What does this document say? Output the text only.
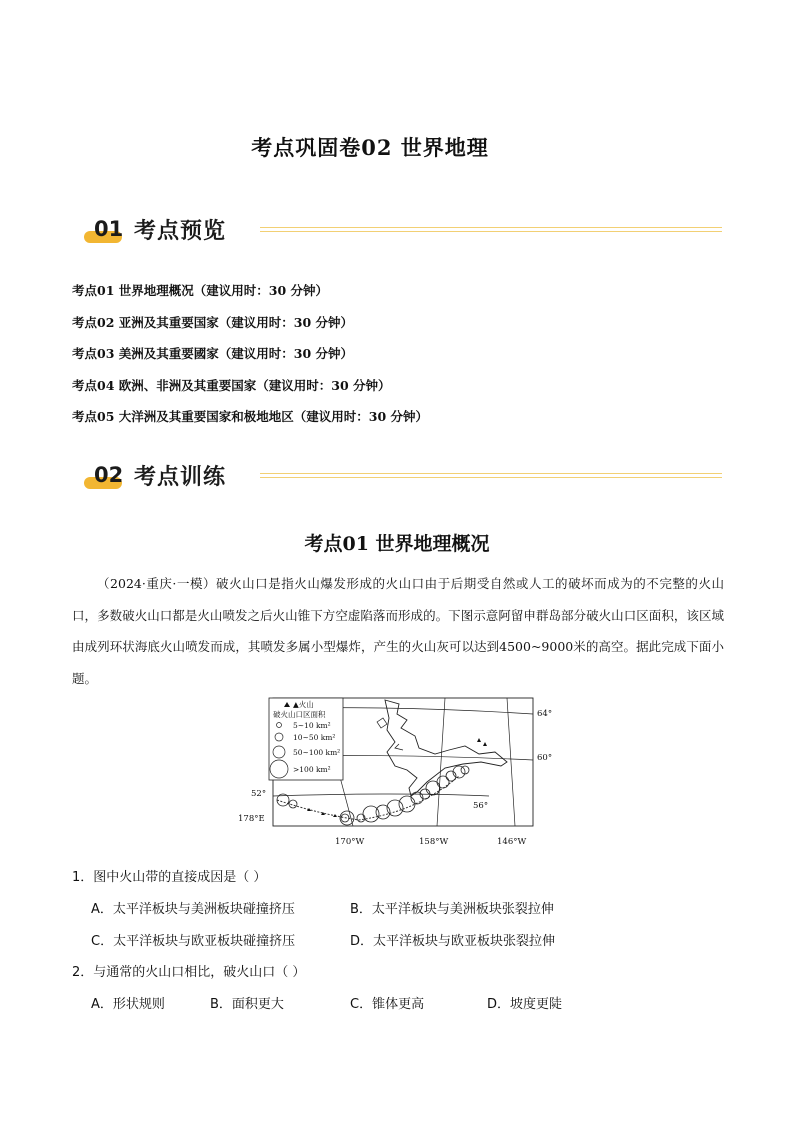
考点巩固卷02 世界地理
01 考点预览
考点01 世界地理概况（建议用时：30 分钟）
考点02 亚洲及其重要国家（建议用时：30 分钟）
考点03 美洲及其重要國家（建议用时：30 分钟）
考点04 欧洲、非洲及其重要国家（建议用时：30 分钟）
考点05 大洋洲及其重要国家和极地地区（建议用时：30 分钟）
02 考点训练
考点01 世界地理概况
（2024·重庆·一模）破火山口是指火山爆发形成的火山口由于后期受自然或人工的破坏而成为的不完整的火山口，多数破火山口都是火山喷发之后火山锥下方空虚陷落而形成的。下图示意阿留申群岛部分破火山口区面积，该区域由成列环状海底火山喷发而成，其喷发多属小型爆炸，产生的火山灰可以达到4500~9000米的高空。据此完成下面小题。
▲火山
破火山口区面积
5~10 km²
10~50 km²
50~100 km²
>100 km²
64°
60°
56°
52°
178°E
170°W	158°W	146°W
1．图中火山带的直接成因是（ ）
A．太平洋板块与美洲板块碰撞挤压	B．太平洋板块与美洲板块张裂拉伸
C．太平洋板块与欧亚板块碰撞挤压	D．太平洋板块与欧亚板块张裂拉伸
2．与通常的火山口相比，破火山口（ ）
A．形状规则	B．面积更大	C．锥体更高	D．坡度更陡
